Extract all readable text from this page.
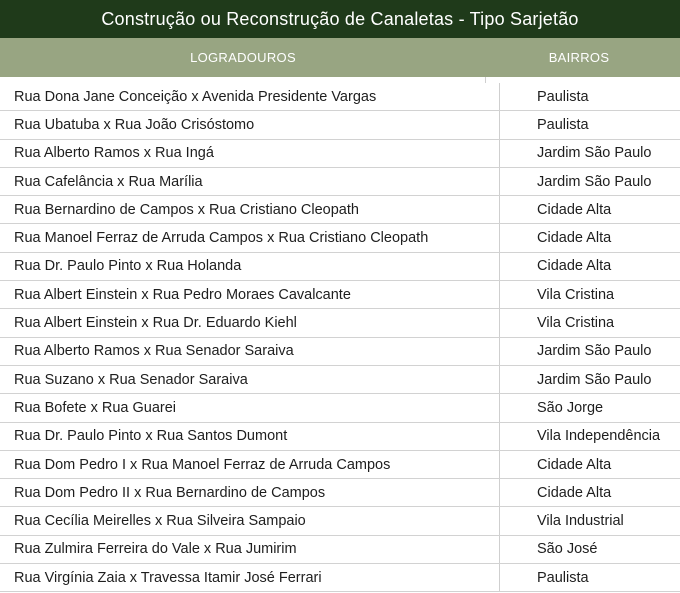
Construção ou Reconstrução de Canaletas - Tipo Sarjetão
LOGRADOUROS	BAIRROS
Rua Dona Jane Conceição x Avenida Presidente Vargas	Paulista
Rua Ubatuba x Rua João Crisóstomo	Paulista
Rua Alberto Ramos x Rua Ingá	Jardim São Paulo
Rua Cafelância x Rua Marília	Jardim São Paulo
Rua Bernardino de Campos x Rua Cristiano Cleopath	Cidade Alta
Rua Manoel Ferraz de Arruda Campos x Rua Cristiano Cleopath	Cidade Alta
Rua Dr. Paulo Pinto x Rua Holanda	Cidade Alta
Rua Albert Einstein x Rua Pedro Moraes Cavalcante	Vila Cristina
Rua Albert Einstein x Rua Dr. Eduardo Kiehl	Vila Cristina
Rua Alberto Ramos x Rua Senador Saraiva	Jardim São Paulo
Rua Suzano x Rua Senador Saraiva	Jardim São Paulo
Rua Bofete x Rua Guarei	São Jorge
Rua Dr. Paulo Pinto x Rua Santos Dumont	Vila Independência
Rua Dom Pedro I x Rua Manoel Ferraz de Arruda Campos	Cidade Alta
Rua Dom Pedro II x Rua Bernardino de Campos	Cidade Alta
Rua Cecília Meirelles x Rua Silveira Sampaio	Vila Industrial
Rua Zulmira Ferreira do Vale x Rua Jumirim	São José
Rua Virgínia Zaia x Travessa Itamir José Ferrari	Paulista
